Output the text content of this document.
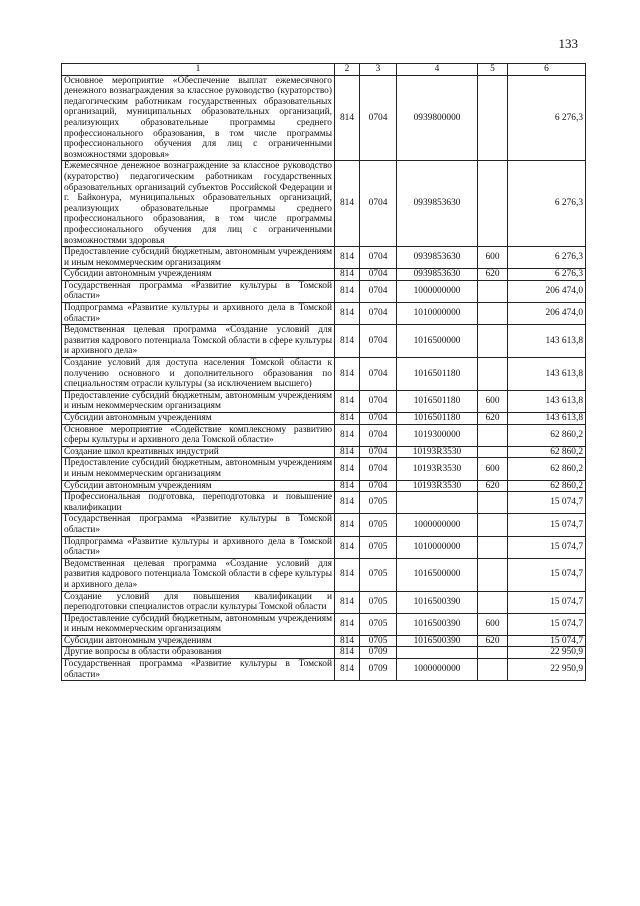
133
1	2	3	4	5	6
Основное мероприятие «Обеспечение выплат ежемесячного денежного вознаграждения за классное руководство (кураторство) педагогическим работникам государственных образовательных организаций, муниципальных образовательных организаций, реализующих образовательные программы среднего профессионального образования, в том числе программы профессионального обучения для лиц с ограниченными возможностями здоровья»	814	0704	0939800000		6 276,3
Ежемесячное денежное вознаграждение за классное руководство (кураторство) педагогическим работникам государственных образовательных организаций субъектов Российской Федерации и г. Байконура, муниципальных образовательных организаций, реализующих образовательные программы среднего профессионального образования, в том числе программы профессионального обучения для лиц с ограниченными возможностями здоровья	814	0704	0939853630		6 276,3
Предоставление субсидий бюджетным, автономным учреждениям и иным некоммерческим организациям	814	0704	0939853630	600	6 276,3
Субсидии автономным учреждениям	814	0704	0939853630	620	6 276,3
Государственная программа «Развитие культуры в Томской области»	814	0704	1000000000		206 474,0
Подпрограмма «Развитие культуры и архивного дела в Томской области»	814	0704	1010000000		206 474,0
Ведомственная целевая программа «Создание условий для развития кадрового потенциала Томской области в сфере культуры и архивного дела»	814	0704	1016500000		143 613,8
Создание условий для доступа населения Томской области к получению основного и дополнительного образования по специальностям отрасли культуры (за исключением высшего)	814	0704	1016501180		143 613,8
Предоставление субсидий бюджетным, автономным учреждениям и иным некоммерческим организациям	814	0704	1016501180	600	143 613,8
Субсидии автономным учреждениям	814	0704	1016501180	620	143 613,8
Основное мероприятие «Содействие комплексному развитию сферы культуры и архивного дела Томской области»	814	0704	1019300000		62 860,2
Создание школ креативных индустрий	814	0704	10193R3530		62 860,2
Предоставление субсидий бюджетным, автономным учреждениям и иным некоммерческим организациям	814	0704	10193R3530	600	62 860,2
Субсидии автономным учреждениям	814	0704	10193R3530	620	62 860,2
Профессиональная подготовка, переподготовка и повышение квалификации	814	0705			15 074,7
Государственная программа «Развитие культуры в Томской области»	814	0705	1000000000		15 074,7
Подпрограмма «Развитие культуры и архивного дела в Томской области»	814	0705	1010000000		15 074,7
Ведомственная целевая программа «Создание условий для развития кадрового потенциала Томской области в сфере культуры и архивного дела»	814	0705	1016500000		15 074,7
Создание условий для повышения квалификации и переподготовки специалистов отрасли культуры Томской области	814	0705	1016500390		15 074,7
Предоставление субсидий бюджетным, автономным учреждениям и иным некоммерческим организациям	814	0705	1016500390	600	15 074,7
Субсидии автономным учреждениям	814	0705	1016500390	620	15 074,7
Другие вопросы в области образования	814	0709			22 950,9
Государственная программа «Развитие культуры в Томской области»	814	0709	1000000000		22 950,9
